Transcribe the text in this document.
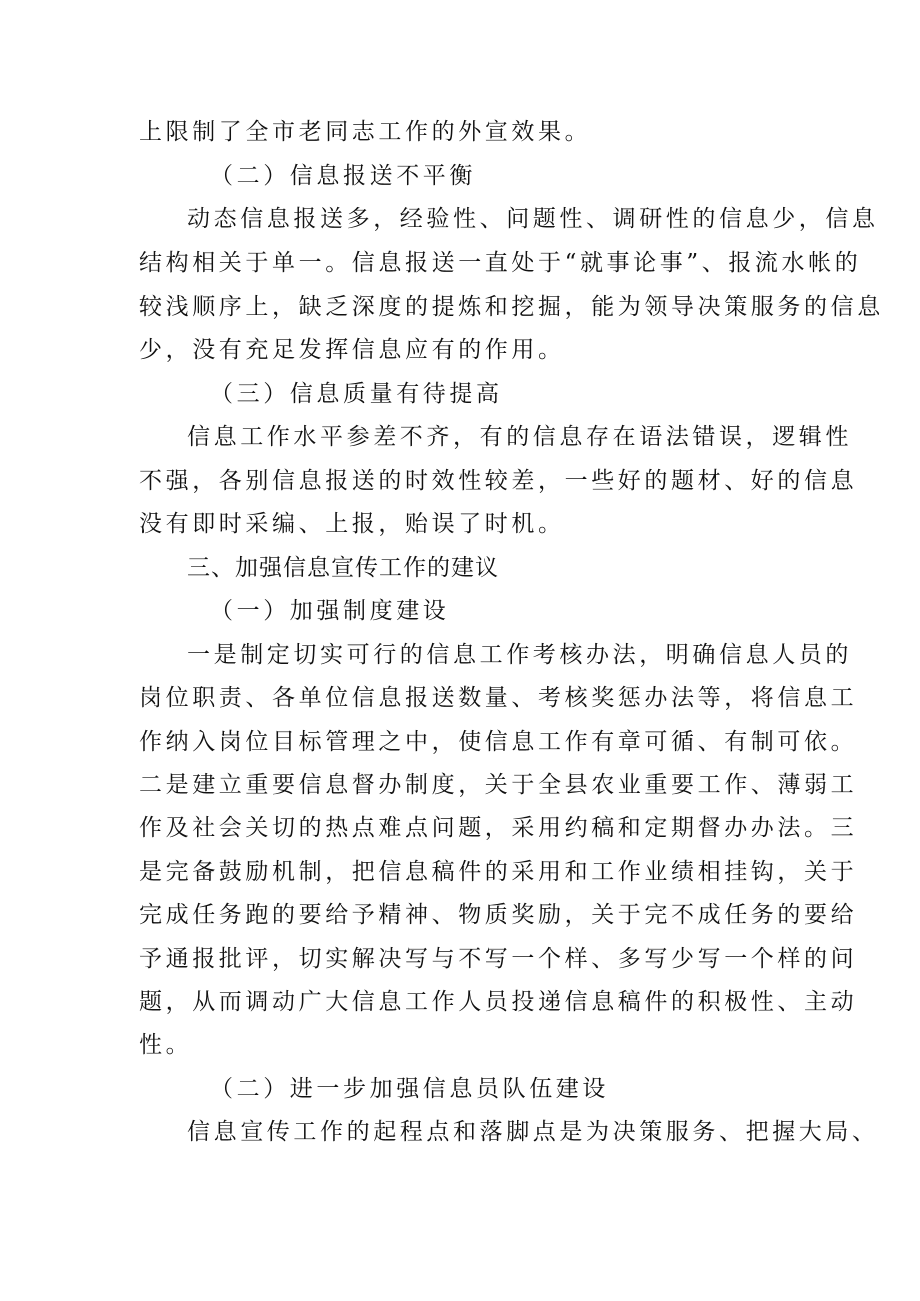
上限制了全市老同志工作的外宣效果。
（二）信息报送不平衡
动态信息报送多，经验性、问题性、调研性的信息少，信息
结构相关于单一。信息报送一直处于“就事论事”、报流水帐的
较浅顺序上，缺乏深度的提炼和挖掘，能为领导决策服务的信息
少，没有充足发挥信息应有的作用。
（三）信息质量有待提高
信息工作水平参差不齐，有的信息存在语法错误，逻辑性
不强，各别信息报送的时效性较差，一些好的题材、好的信息
没有即时采编、上报，贻误了时机。
三、加强信息宣传工作的建议
（一）加强制度建设
一是制定切实可行的信息工作考核办法，明确信息人员的
岗位职责、各单位信息报送数量、考核奖惩办法等，将信息工
作纳入岗位目标管理之中，使信息工作有章可循、有制可依。
二是建立重要信息督办制度，关于全县农业重要工作、薄弱工
作及社会关切的热点难点问题，采用约稿和定期督办办法。三
是完备鼓励机制，把信息稿件的采用和工作业绩相挂钩，关于
完成任务跑的要给予精神、物质奖励，关于完不成任务的要给
予通报批评，切实解决写与不写一个样、多写少写一个样的问
题，从而调动广大信息工作人员投递信息稿件的积极性、主动
性。
（二）进一步加强信息员队伍建设
信息宣传工作的起程点和落脚点是为决策服务、把握大局、
